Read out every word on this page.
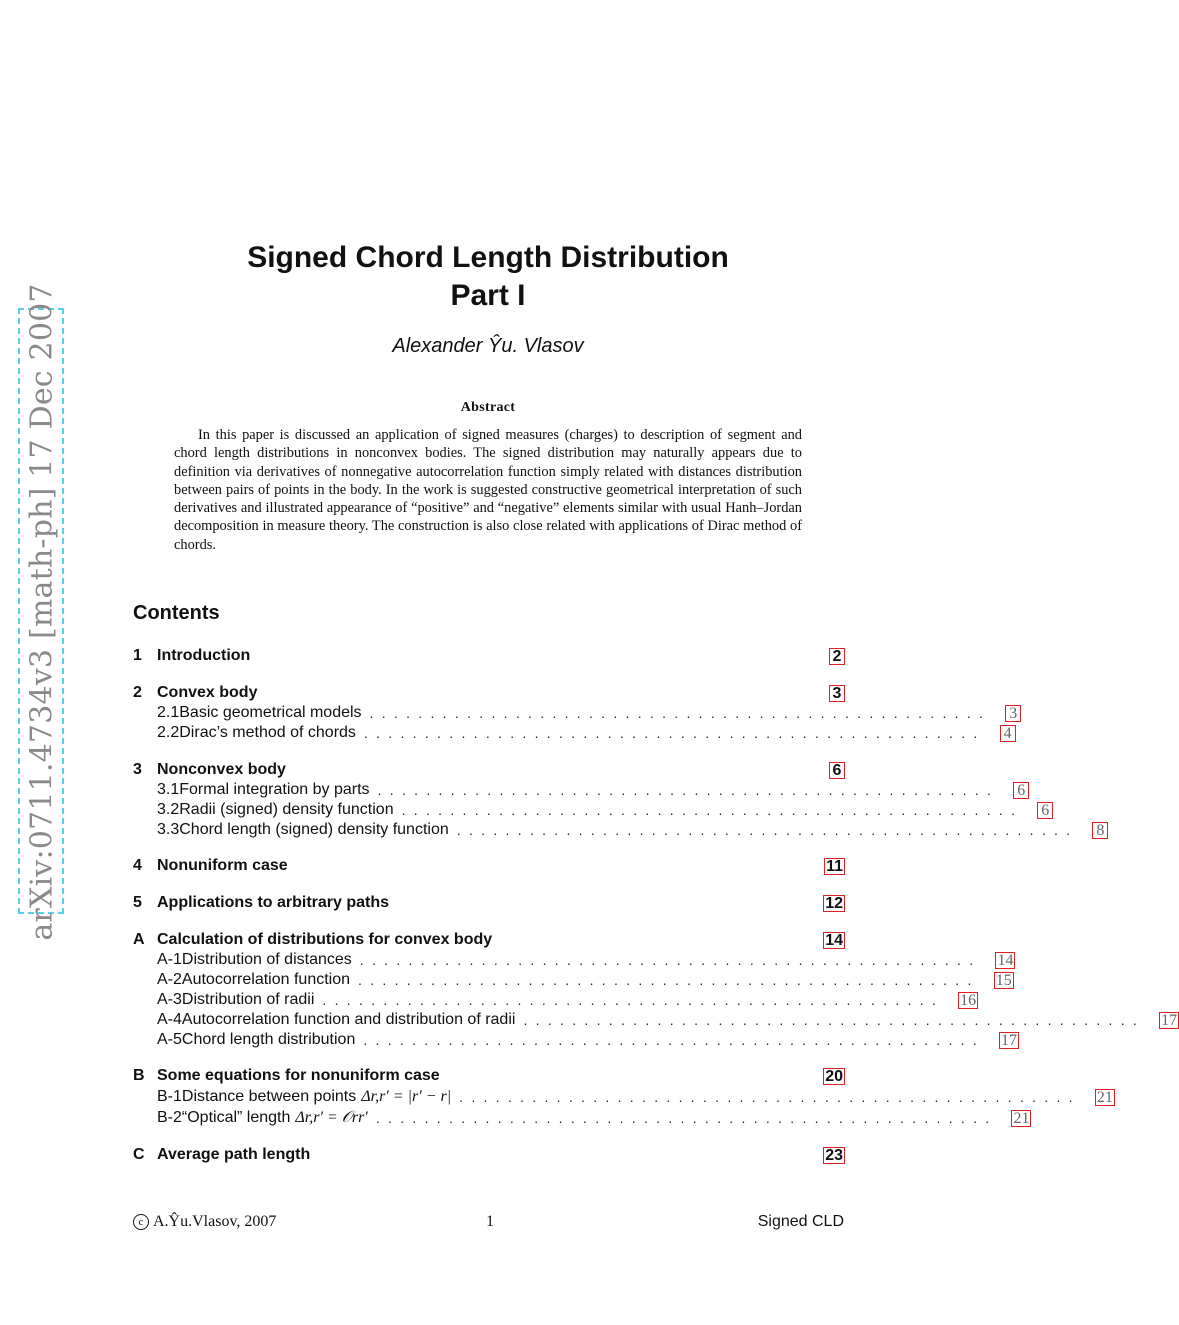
arXiv:0711.4734v3 [math-ph] 17 Dec 2007
Signed Chord Length Distribution
Part I
Alexander Ŷu. Vlasov
Abstract

In this paper is discussed an application of signed measures (charges) to description of segment and chord length distributions in nonconvex bodies. The signed distribution may naturally appears due to definition via derivatives of nonnegative autocorrelation function simply related with distances distribution between pairs of points in the body. In the work is suggested constructive geometrical interpretation of such derivatives and illustrated appearance of “positive” and “negative” elements similar with usual Hanh–Jordan decomposition in measure theory. The construction is also close related with applications of Dirac method of chords.

Contents
1 Introduction	2
2 Convex body	3
2.1 Basic geometrical models ................................................... 3
2.2 Dirac’s method of chords ................................................... 4
3 Nonconvex body	6
3.1 Formal integration by parts ................................................... 6
3.2 Radii (signed) density function ................................................... 6
3.3 Chord length (signed) density function ................................................... 8
4 Nonuniform case	11
5 Applications to arbitrary paths	12
A Calculation of distributions for convex body	14
A-1 Distribution of distances ................................................... 14
A-2 Autocorrelation function ................................................... 15
A-3 Distribution of radii ................................................... 16
A-4 Autocorrelation function and distribution of radii ................................................... 17
A-5 Chord length distribution ................................................... 17
B Some equations for nonuniform case	20
B-1 Distance between points Δr,r′ = |r′ − r| ................................................... 21
B-2 “Optical” length Δr,r′ = 𝒪rr′ ................................................... 21
C Average path length	23
c A.Ŷu.Vlasov, 2007	1	Signed CLD
